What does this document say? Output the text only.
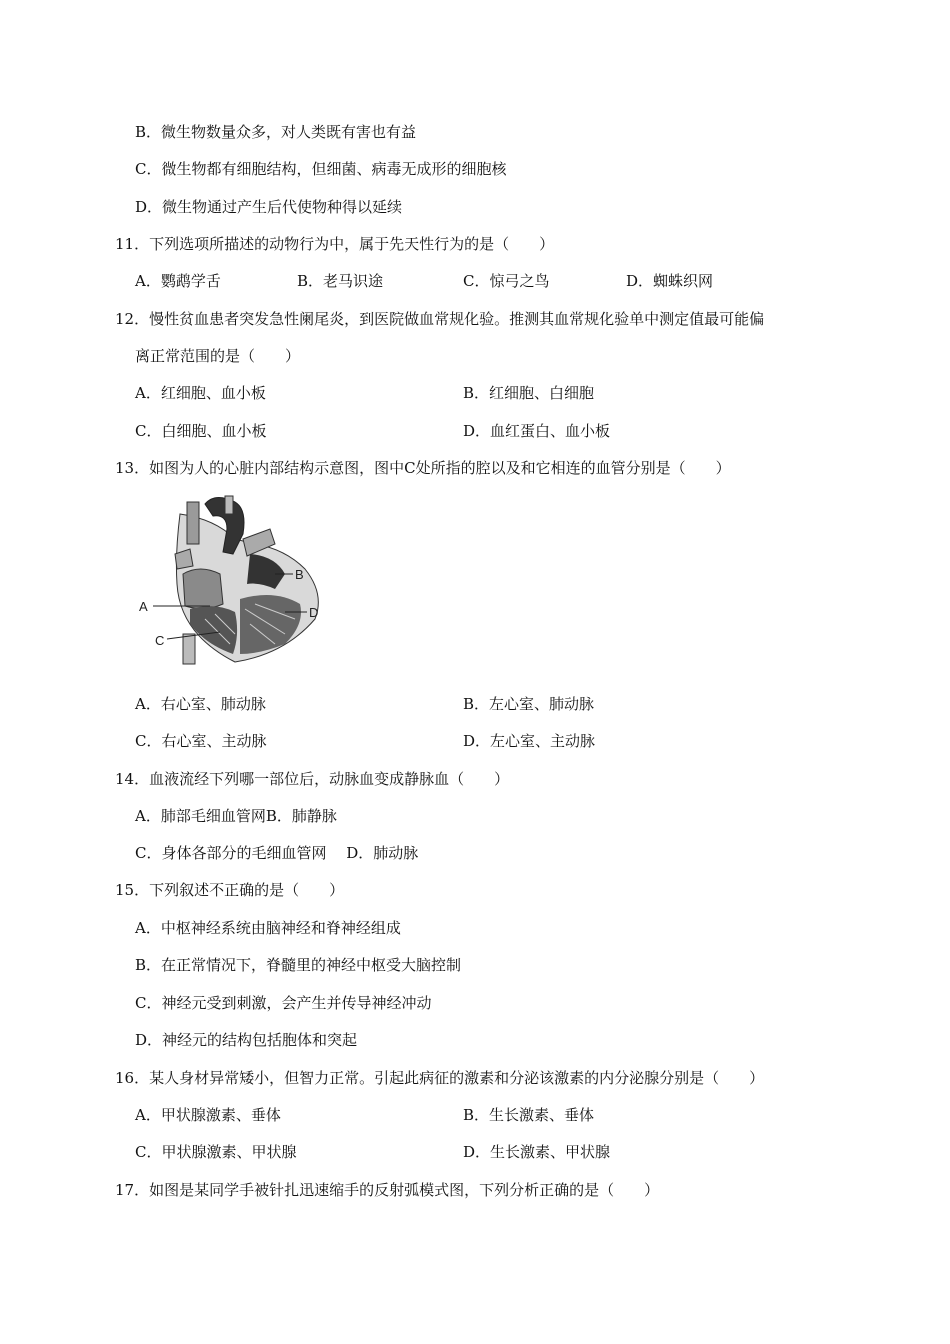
B．微生物数量众多，对人类既有害也有益
C．微生物都有细胞结构，但细菌、病毒无成形的细胞核
D．微生物通过产生后代使物种得以延续
11．下列选项所描述的动物行为中，属于先天性行为的是（　　）
A．鹦鹉学舌	B．老马识途	C．惊弓之鸟	D．蜘蛛织网
12．慢性贫血患者突发急性阑尾炎，到医院做血常规化验。推测其血常规化验单中测定值最可能偏
离正常范围的是（　　）
A．红细胞、血小板	B．红细胞、白细胞
C．白细胞、血小板	D．血红蛋白、血小板
13．如图为人的心脏内部结构示意图，图中C处所指的腔以及和它相连的血管分别是（　　）
A
B
C
D
A．右心室、肺动脉	B．左心室、肺动脉
C．右心室、主动脉	D．左心室、主动脉
14．血液流经下列哪一部位后，动脉血变成静脉血（　　）
A．肺部毛细血管网B．肺静脉
C．身体各部分的毛细血管网　 D．肺动脉
15．下列叙述不正确的是（　　）
A．中枢神经系统由脑神经和脊神经组成
B．在正常情况下，脊髓里的神经中枢受大脑控制
C．神经元受到刺激，会产生并传导神经冲动
D．神经元的结构包括胞体和突起
16．某人身材异常矮小，但智力正常。引起此病征的激素和分泌该激素的内分泌腺分别是（　　）
A．甲状腺激素、垂体	B．生长激素、垂体
C．甲状腺激素、甲状腺	D．生长激素、甲状腺
17．如图是某同学手被针扎迅速缩手的反射弧模式图，下列分析正确的是（　　）
